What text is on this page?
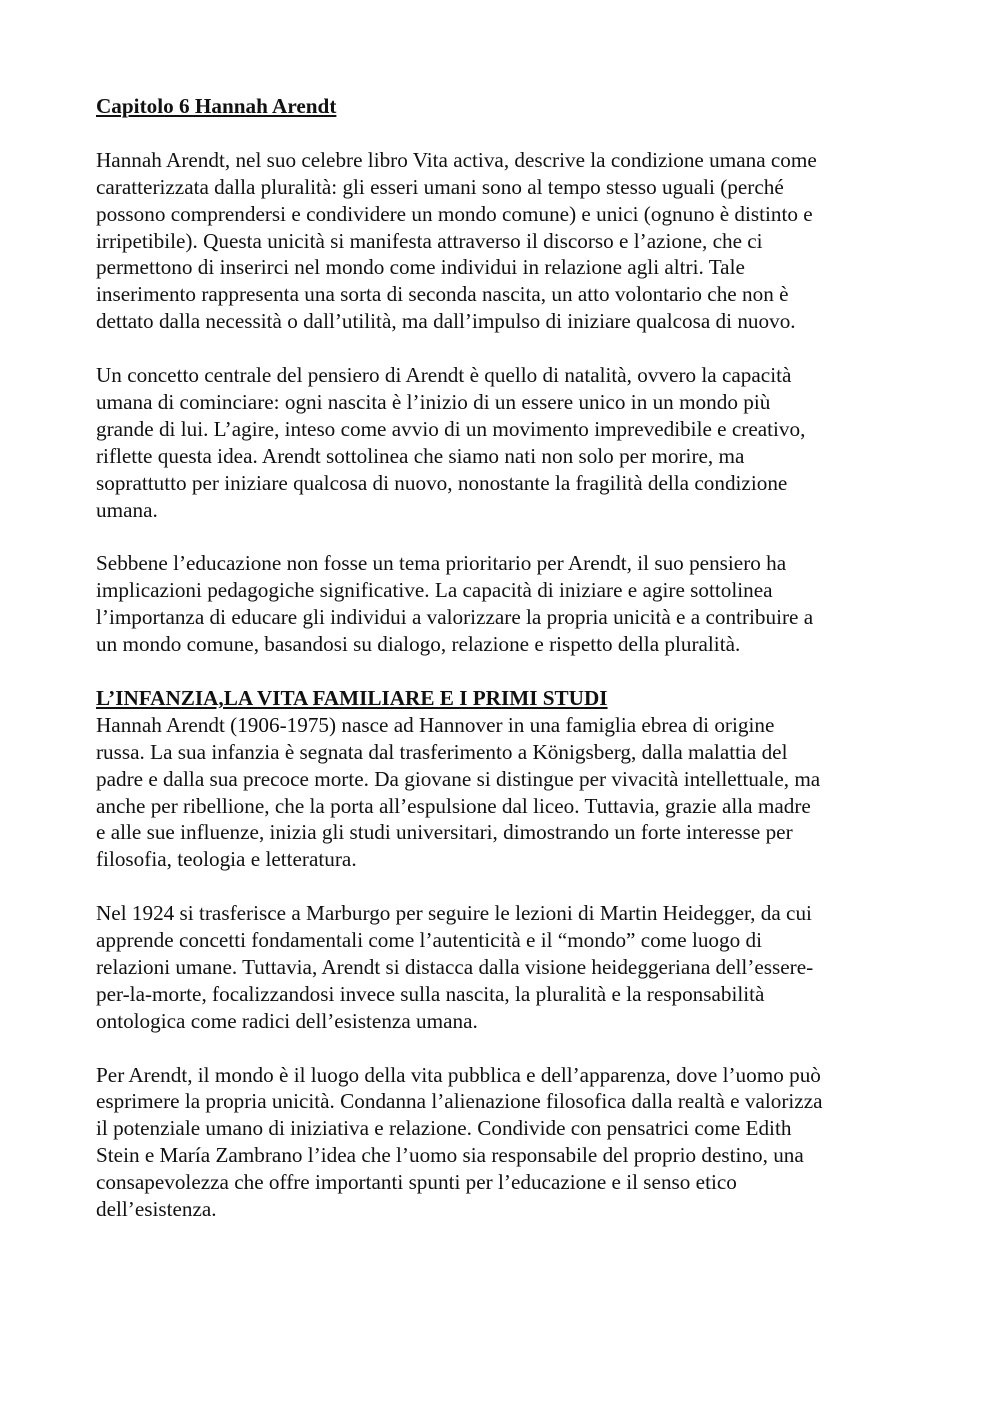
Capitolo 6 Hannah Arendt
Hannah Arendt, nel suo celebre libro Vita activa, descrive la condizione umana come
caratterizzata dalla pluralità: gli esseri umani sono al tempo stesso uguali (perché
possono comprendersi e condividere un mondo comune) e unici (ognuno è distinto e
irripetibile). Questa unicità si manifesta attraverso il discorso e l’azione, che ci
permettono di inserirci nel mondo come individui in relazione agli altri. Tale
inserimento rappresenta una sorta di seconda nascita, un atto volontario che non è
dettato dalla necessità o dall’utilità, ma dall’impulso di iniziare qualcosa di nuovo.
Un concetto centrale del pensiero di Arendt è quello di natalità, ovvero la capacità
umana di cominciare: ogni nascita è l’inizio di un essere unico in un mondo più
grande di lui. L’agire, inteso come avvio di un movimento imprevedibile e creativo,
riflette questa idea. Arendt sottolinea che siamo nati non solo per morire, ma
soprattutto per iniziare qualcosa di nuovo, nonostante la fragilità della condizione
umana.
Sebbene l’educazione non fosse un tema prioritario per Arendt, il suo pensiero ha
implicazioni pedagogiche significative. La capacità di iniziare e agire sottolinea
l’importanza di educare gli individui a valorizzare la propria unicità e a contribuire a
un mondo comune, basandosi su dialogo, relazione e rispetto della pluralità.
L’INFANZIA,LA VITA FAMILIARE E I PRIMI STUDI
Hannah Arendt (1906-1975) nasce ad Hannover in una famiglia ebrea di origine
russa. La sua infanzia è segnata dal trasferimento a Königsberg, dalla malattia del
padre e dalla sua precoce morte. Da giovane si distingue per vivacità intellettuale, ma
anche per ribellione, che la porta all’espulsione dal liceo. Tuttavia, grazie alla madre
e alle sue influenze, inizia gli studi universitari, dimostrando un forte interesse per
filosofia, teologia e letteratura.
Nel 1924 si trasferisce a Marburgo per seguire le lezioni di Martin Heidegger, da cui
apprende concetti fondamentali come l’autenticità e il “mondo” come luogo di
relazioni umane. Tuttavia, Arendt si distacca dalla visione heideggeriana dell’essere-
per-la-morte, focalizzandosi invece sulla nascita, la pluralità e la responsabilità
ontologica come radici dell’esistenza umana.
Per Arendt, il mondo è il luogo della vita pubblica e dell’apparenza, dove l’uomo può
esprimere la propria unicità. Condanna l’alienazione filosofica dalla realtà e valorizza
il potenziale umano di iniziativa e relazione. Condivide con pensatrici come Edith
Stein e María Zambrano l’idea che l’uomo sia responsabile del proprio destino, una
consapevolezza che offre importanti spunti per l’educazione e il senso etico
dell’esistenza.
